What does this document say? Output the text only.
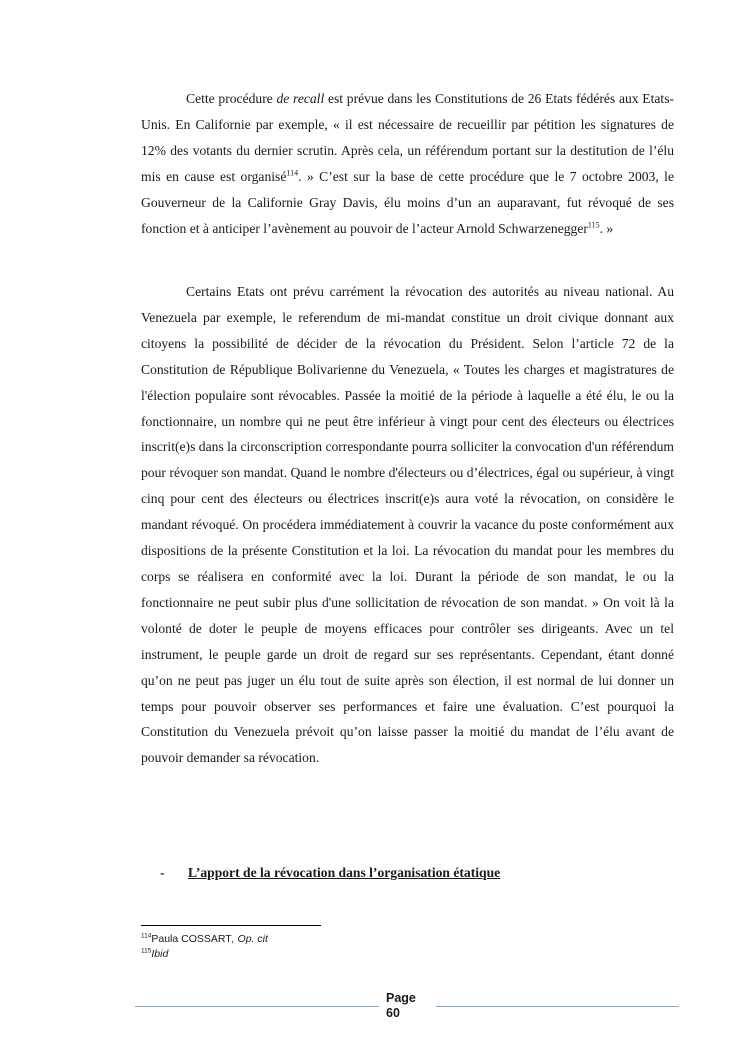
Cette procédure de recall est prévue dans les Constitutions de 26 Etats fédérés aux Etats-Unis. En Californie par exemple, « il est nécessaire de recueillir par pétition les signatures de 12% des votants du dernier scrutin. Après cela, un référendum portant sur la destitution de l’élu mis en cause est organisé$^{114}$. » C’est sur la base de cette procédure que le 7 octobre 2003, le Gouverneur de la Californie Gray Davis, élu moins d’un an auparavant, fut révoqué de ses fonction et à anticiper l’avènement au pouvoir de l’acteur Arnold Schwarzenegger$^{115}$. »

Certains Etats ont prévu carrément la révocation des autorités au niveau national. Au Venezuela par exemple, le referendum de mi-mandat constitue un droit civique donnant aux citoyens la possibilité de décider de la révocation du Président. Selon l’article 72 de la Constitution de République Bolivarienne du Venezuela, « Toutes les charges et magistratures de l'élection populaire sont révocables. Passée la moitié de la période à laquelle a été élu, le ou la fonctionnaire, un nombre qui ne peut être inférieur à vingt pour cent des électeurs ou électrices inscrit(e)s dans la circonscription correspondante pourra solliciter la convocation d'un référendum pour révoquer son mandat. Quand le nombre d'électeurs ou d’électrices, égal ou supérieur, à vingt cinq pour cent des électeurs ou électrices inscrit(e)s aura voté la révocation, on considère le mandant révoqué. On procédera immédiatement à couvrir la vacance du poste conformément aux dispositions de la présente Constitution et la loi. La révocation du mandat pour les membres du corps se réalisera en conformité avec la loi. Durant la période de son mandat, le ou la fonctionnaire ne peut subir plus d'une sollicitation de révocation de son mandat. » On voit là la volonté de doter le peuple de moyens efficaces pour contrôler ses dirigeants. Avec un tel instrument, le peuple garde un droit de regard sur ses représentants. Cependant, étant donné qu’on ne peut pas juger un élu tout de suite après son élection, il est normal de lui donner un temps pour pouvoir observer ses performances et faire une évaluation. C’est pourquoi la Constitution du Venezuela prévoit qu’on laisse passer la moitié du mandat de l’élu avant de pouvoir demander sa révocation.

- L’apport de la révocation dans l’organisation étatique
$^{114}$Paula COSSART, Op. cit
$^{115}$Ibid
Page
60
